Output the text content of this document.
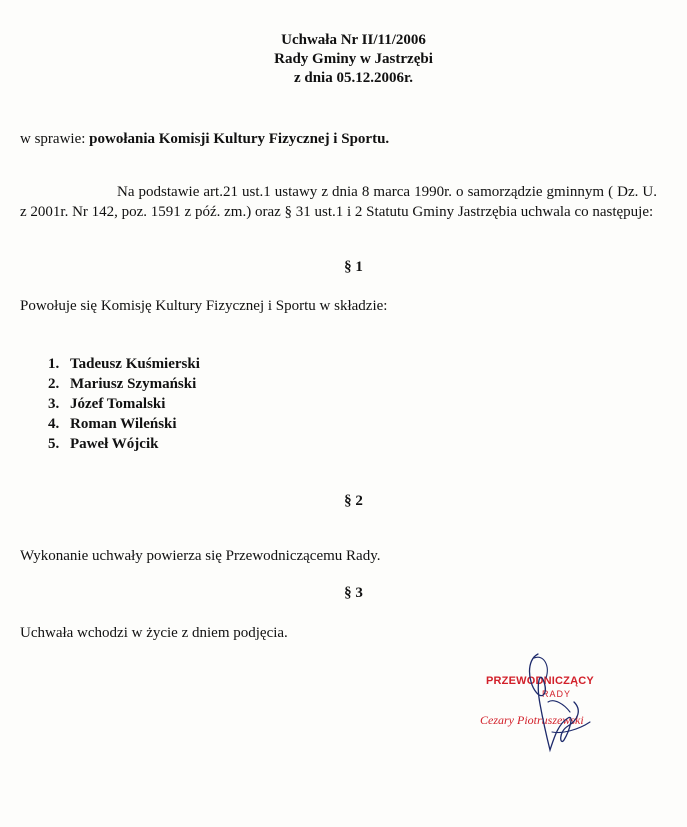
Uchwała Nr II/11/2006
Rady Gminy w Jastrzębi
z dnia 05.12.2006r.
w sprawie: powołania Komisji Kultury Fizycznej i Sportu.
Na podstawie art.21 ust.1 ustawy z dnia 8 marca 1990r. o samorządzie gminnym ( Dz. U. z 2001r. Nr 142, poz. 1591 z póź. zm.) oraz § 31 ust.1 i 2 Statutu Gminy Jastrzębia uchwala co następuje:
§ 1
Powołuje się Komisję Kultury Fizycznej i Sportu w składzie:
1. Tadeusz Kuśmierski
2. Mariusz Szymański
3. Józef Tomalski
4. Roman Wileński
5. Paweł Wójcik
§ 2
Wykonanie uchwały powierza się Przewodniczącemu Rady.
§ 3
Uchwała wchodzi w życie z dniem podjęcia.
PRZEWODNICZĄCY
RADY
Cezary Piotruszewski
